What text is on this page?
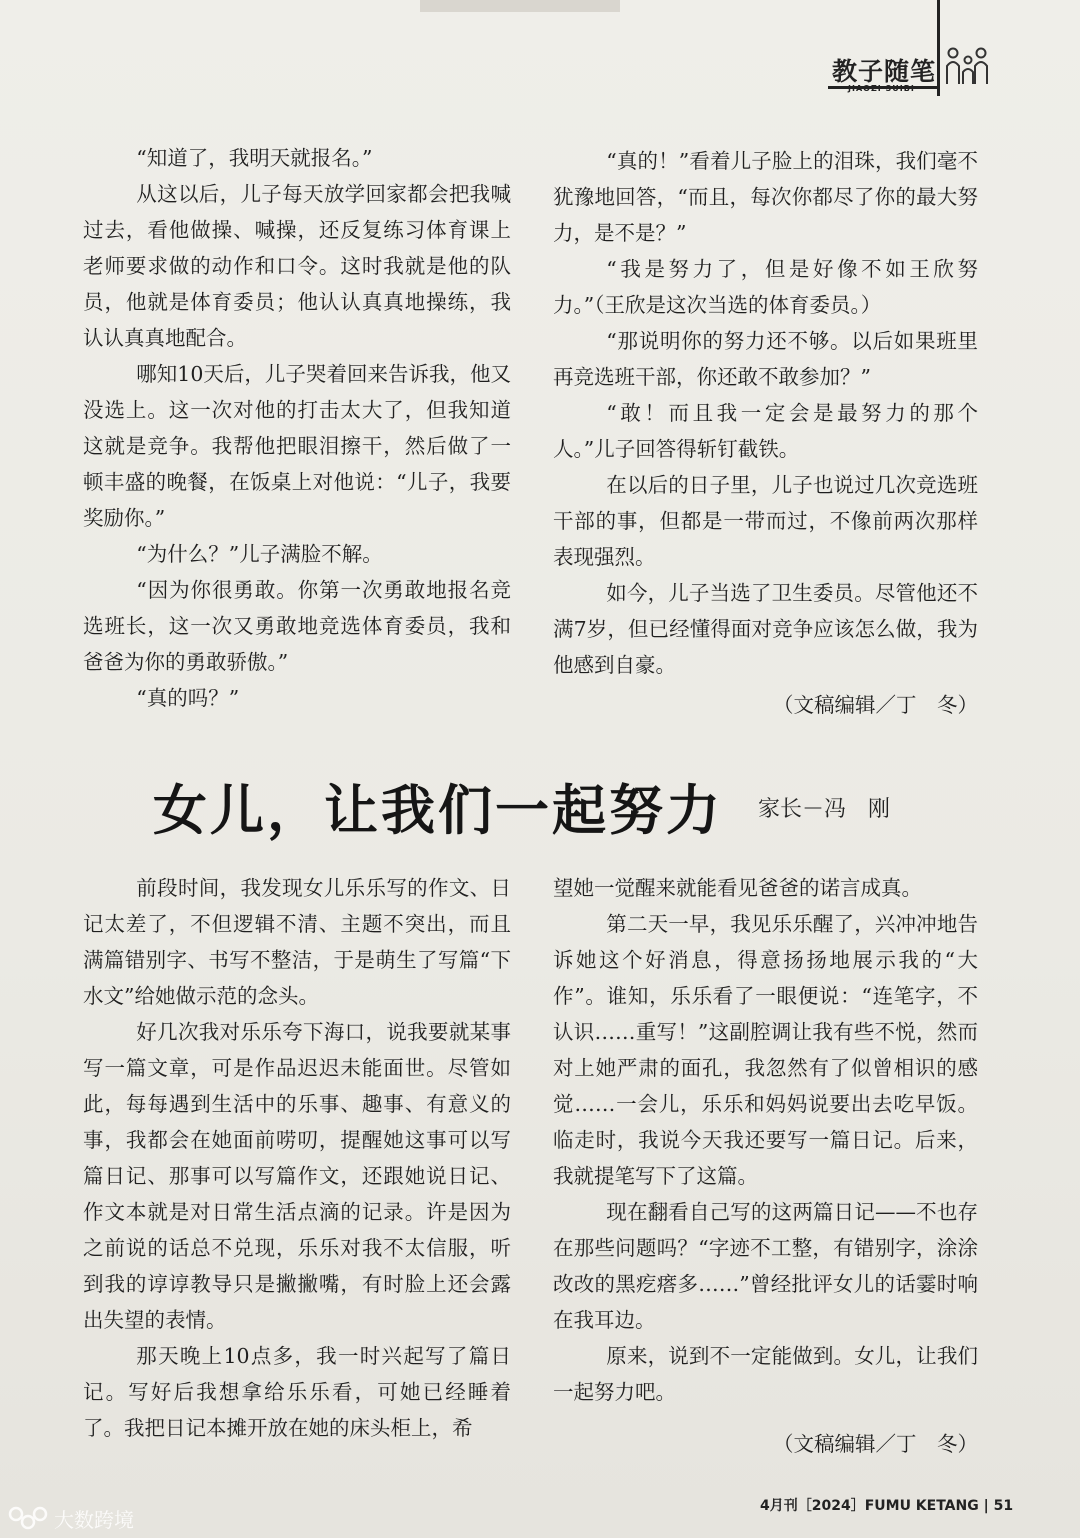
教子随笔

“知道了，我明天就报名。”

从这以后，儿子每天放学回家都会把我喊过去，看他做操、喊操，还反复练习体育课上老师要求做的动作和口令。这时我就是他的队员，他就是体育委员；他认认真真地操练，我认认真真地配合。

哪知10天后，儿子哭着回来告诉我，他又没选上。这一次对他的打击太大了，但我知道这就是竞争。我帮他把眼泪擦干，然后做了一顿丰盛的晚餐，在饭桌上对他说：“儿子，我要奖励你。”

“为什么？”儿子满脸不解。

“因为你很勇敢。你第一次勇敢地报名竞选班长，这一次又勇敢地竞选体育委员，我和爸爸为你的勇敢骄傲。”

“真的吗？”

“真的！”看着儿子脸上的泪珠，我们毫不犹豫地回答，“而且，每次你都尽了你的最大努力，是不是？”

“我是努力了，但是好像不如王欣努力。”（王欣是这次当选的体育委员。）

“那说明你的努力还不够。以后如果班里再竞选班干部，你还敢不敢参加？”

“敢！而且我一定会是最努力的那个人。”儿子回答得斩钉截铁。

在以后的日子里，儿子也说过几次竞选班干部的事，但都是一带而过，不像前两次那样表现强烈。

如今，儿子当选了卫生委员。尽管他还不满7岁，但已经懂得面对竞争应该怎么做，我为他感到自豪。

（文稿编辑／丁　冬）

女儿，让我们一起努力 家长－冯　刚

前段时间，我发现女儿乐乐写的作文、日记太差了，不但逻辑不清、主题不突出，而且满篇错别字、书写不整洁，于是萌生了写篇“下水文”给她做示范的念头。

好几次我对乐乐夸下海口，说我要就某事写一篇文章，可是作品迟迟未能面世。尽管如此，每每遇到生活中的乐事、趣事、有意义的事，我都会在她面前唠叨，提醒她这事可以写篇日记、那事可以写篇作文，还跟她说日记、作文本就是对日常生活点滴的记录。许是因为之前说的话总不兑现，乐乐对我不太信服，听到我的谆谆教导只是撇撇嘴，有时脸上还会露出失望的表情。

那天晚上10点多，我一时兴起写了篇日记。写好后我想拿给乐乐看，可她已经睡着了。我把日记本摊开放在她的床头柜上，希

望她一觉醒来就能看见爸爸的诺言成真。

第二天一早，我见乐乐醒了，兴冲冲地告诉她这个好消息，得意扬扬地展示我的“大作”。谁知，乐乐看了一眼便说：“连笔字，不认识……重写！”这副腔调让我有些不悦，然而对上她严肃的面孔，我忽然有了似曾相识的感觉……一会儿，乐乐和妈妈说要出去吃早饭。临走时，我说今天我还要写一篇日记。后来，我就提笔写下了这篇。

现在翻看自己写的这两篇日记——不也存在那些问题吗？“字迹不工整，有错别字，涂涂改改的黑疙瘩多……”曾经批评女儿的话霎时响在我耳边。

原来，说到不一定能做到。女儿，让我们一起努力吧。

（文稿编辑／丁　冬）

4月刊［2024］FUMU KETANG | 51
大数跨境
